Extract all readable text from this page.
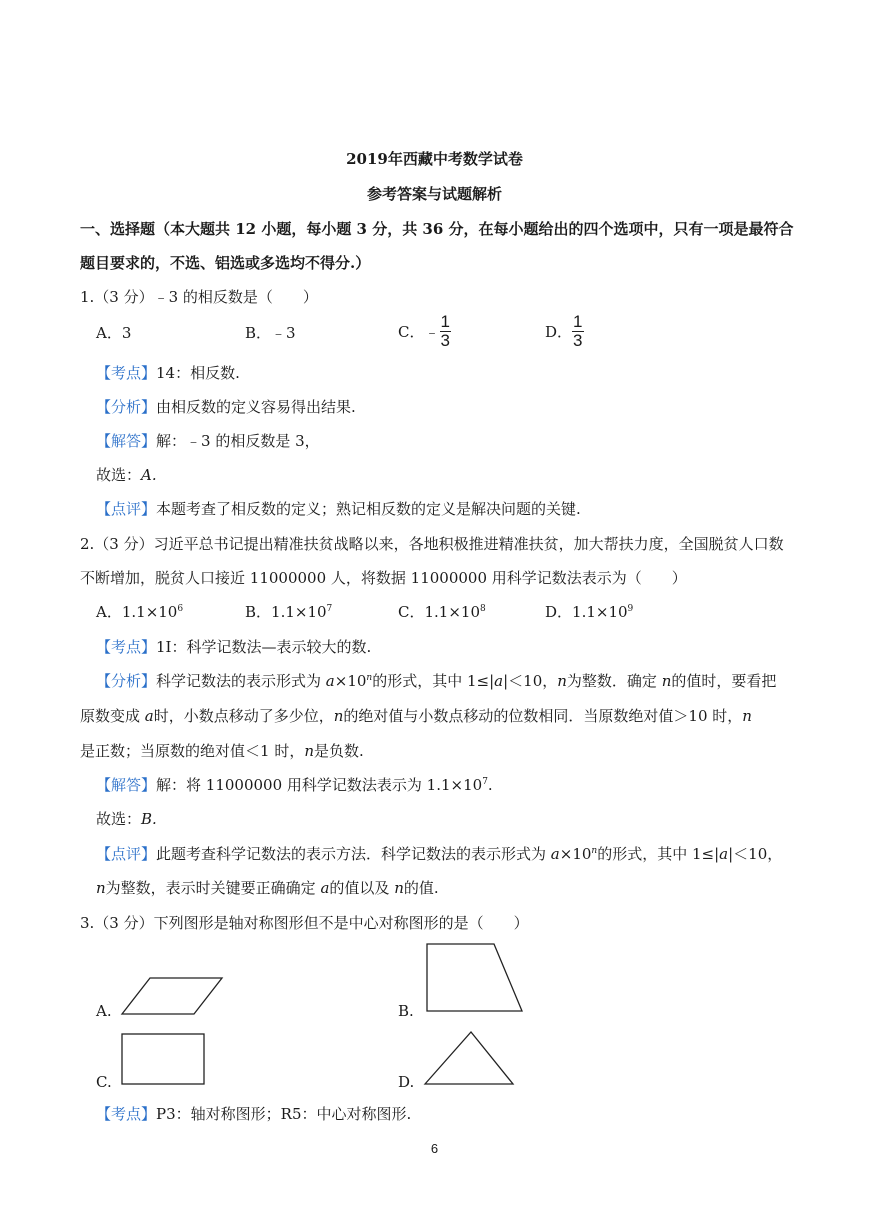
2019年西藏中考数学试卷
参考答案与试题解析
一、选择题（本大题共 12 小题，每小题 3 分，共 36 分，在每小题给出的四个选项中，只有一项是最符合
题目要求的，不选、铝选或多选均不得分.）
1.（3 分）﹣3 的相反数是（　　）
A．3	B．﹣3	C．﹣ $\frac{1}{3}$	D． $\frac{1}{3}$
【考点】14：相反数.
【分析】由相反数的定义容易得出结果.
【解答】解：﹣3 的相反数是 3，
故选：A.
【点评】本题考查了相反数的定义；熟记相反数的定义是解决问题的关键.
2.（3 分）习近平总书记提出精准扶贫战略以来，各地积极推进精准扶贫，加大帮扶力度，全国脱贫人口数
不断增加，脱贫人口接近 11000000 人，将数据 11000000 用科学记数法表示为（　　）
A．$1.1\times 10^6$	B．$1.1\times 10^7$	C．$1.1\times 10^8$	D．$1.1\times 10^9$
【考点】1I：科学记数法—表示较大的数.
【分析】科学记数法的表示形式为 $a\times 10^n$的形式，其中 1≤|a|＜10，n为整数．确定 n的值时，要看把
原数变成 a时，小数点移动了多少位，n的绝对值与小数点移动的位数相同．当原数绝对值＞10 时，n
是正数；当原数的绝对值＜1 时，n是负数.
【解答】解：将 11000000 用科学记数法表示为 $1.1\times 10^7$.
故选：B.
【点评】此题考查科学记数法的表示方法．科学记数法的表示形式为 $a\times 10^n$的形式，其中 1≤|a|＜10，
n为整数，表示时关键要正确确定 a的值以及 n的值.
3.（3 分）下列图形是轴对称图形但不是中心对称图形的是（　　）
A.	B.
C.	D.
【考点】P3：轴对称图形；R5：中心对称图形.
6
